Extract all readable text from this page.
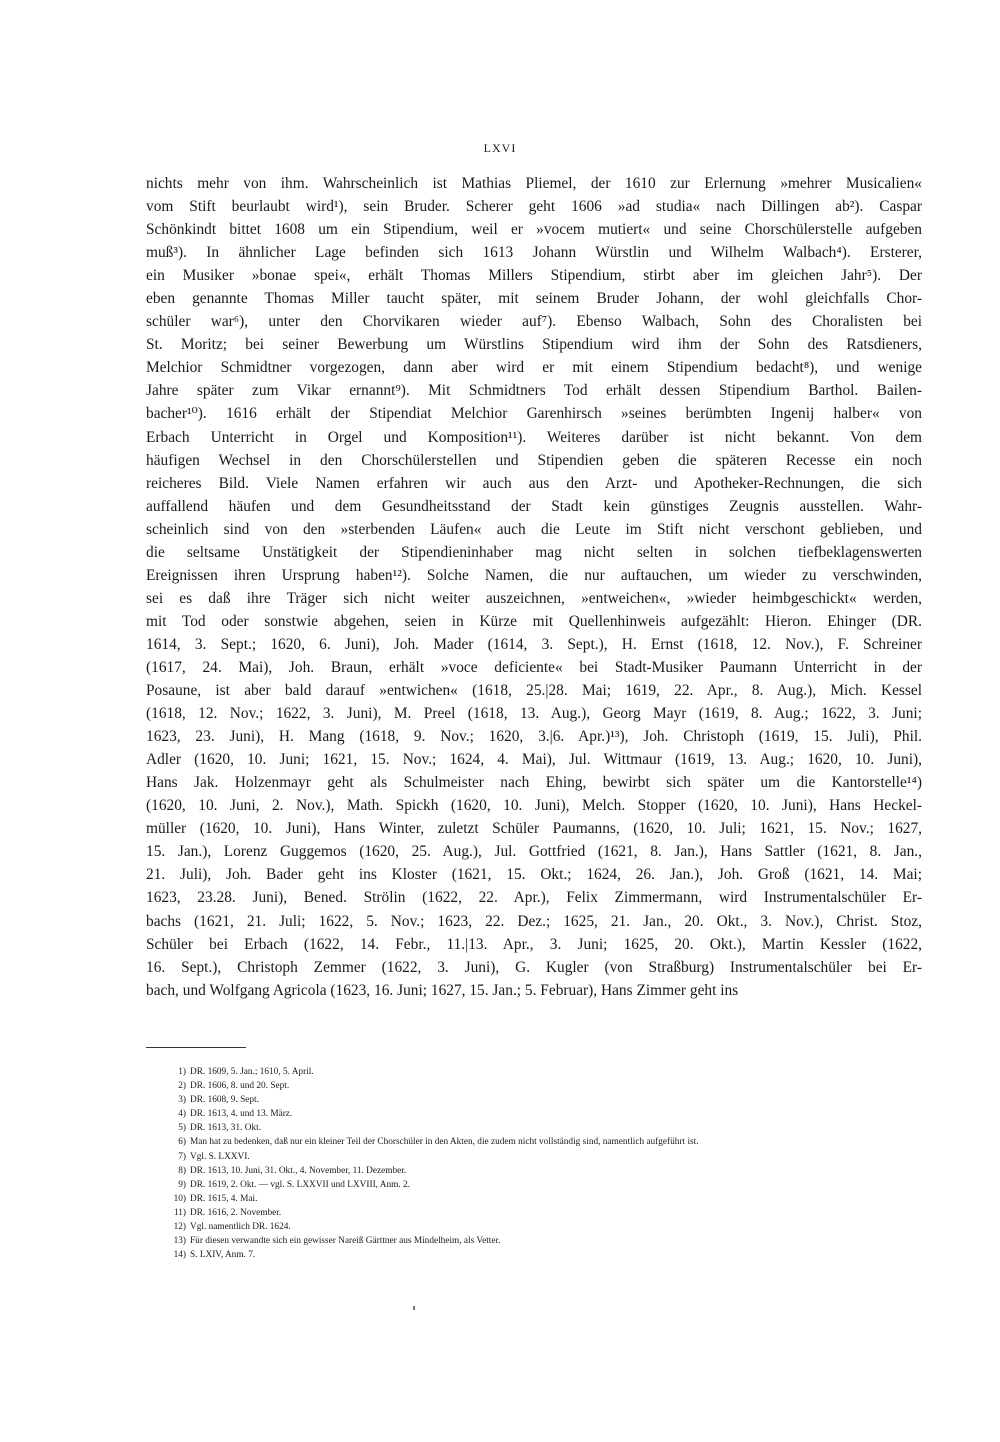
LXVI
nichts mehr von ihm. Wahrscheinlich ist Mathias Pliemel, der 1610 zur Erlernung »mehrer Musicalien«
vom Stift beurlaubt wird¹), sein Bruder. Scherer geht 1606 »ad studia« nach Dillingen ab²). Caspar
Schönkindt bittet 1608 um ein Stipendium, weil er »vocem mutiert« und seine Chorschülerstelle aufgeben
muß³). In ähnlicher Lage befinden sich 1613 Johann Würstlin und Wilhelm Walbach⁴). Ersterer,
ein Musiker »bonae spei«, erhält Thomas Millers Stipendium, stirbt aber im gleichen Jahr⁵). Der
eben genannte Thomas Miller taucht später, mit seinem Bruder Johann, der wohl gleichfalls Chor-
schüler war⁶), unter den Chorvikaren wieder auf⁷). Ebenso Walbach, Sohn des Choralisten bei
St. Moritz; bei seiner Bewerbung um Würstlins Stipendium wird ihm der Sohn des Ratsdieners,
Melchior Schmidtner vorgezogen, dann aber wird er mit einem Stipendium bedacht⁸), und wenige
Jahre später zum Vikar ernannt⁹). Mit Schmidtners Tod erhält dessen Stipendium Barthol. Bailen-
bacher¹⁰). 1616 erhält der Stipendiat Melchior Garenhirsch »seines berümbten Ingenij halber« von
Erbach Unterricht in Orgel und Komposition¹¹). Weiteres darüber ist nicht bekannt. Von dem
häufigen Wechsel in den Chorschülerstellen und Stipendien geben die späteren Recesse ein noch
reicheres Bild. Viele Namen erfahren wir auch aus den Arzt- und Apotheker-Rechnungen, die sich
auffallend häufen und dem Gesundheitsstand der Stadt kein günstiges Zeugnis ausstellen. Wahr-
scheinlich sind von den »sterbenden Läufen« auch die Leute im Stift nicht verschont geblieben, und
die seltsame Unstätigkeit der Stipendieninhaber mag nicht selten in solchen tiefbeklagenswerten
Ereignissen ihren Ursprung haben¹²). Solche Namen, die nur auftauchen, um wieder zu verschwinden,
sei es daß ihre Träger sich nicht weiter auszeichnen, »entweichen«, »wieder heimbgeschickt« werden,
mit Tod oder sonstwie abgehen, seien in Kürze mit Quellenhinweis aufgezählt: Hieron. Ehinger (DR.
1614, 3. Sept.; 1620, 6. Juni), Joh. Mader (1614, 3. Sept.), H. Ernst (1618, 12. Nov.), F. Schreiner
(1617, 24. Mai), Joh. Braun, erhält »voce deficiente« bei Stadt-Musiker Paumann Unterricht in der
Posaune, ist aber bald darauf »entwichen« (1618, 25.|28. Mai; 1619, 22. Apr., 8. Aug.), Mich. Kessel
(1618, 12. Nov.; 1622, 3. Juni), M. Preel (1618, 13. Aug.), Georg Mayr (1619, 8. Aug.; 1622, 3. Juni;
1623, 23. Juni), H. Mang (1618, 9. Nov.; 1620, 3.|6. Apr.)¹³), Joh. Christoph (1619, 15. Juli), Phil.
Adler (1620, 10. Juni; 1621, 15. Nov.; 1624, 4. Mai), Jul. Wittmaur (1619, 13. Aug.; 1620, 10. Juni),
Hans Jak. Holzenmayr geht als Schulmeister nach Ehing, bewirbt sich später um die Kantorstelle¹⁴)
(1620, 10. Juni, 2. Nov.), Math. Spickh (1620, 10. Juni), Melch. Stopper (1620, 10. Juni), Hans Heckel-
müller (1620, 10. Juni), Hans Winter, zuletzt Schüler Paumanns, (1620, 10. Juli; 1621, 15. Nov.; 1627,
15. Jan.), Lorenz Guggemos (1620, 25. Aug.), Jul. Gottfried (1621, 8. Jan.), Hans Sattler (1621, 8. Jan.,
21. Juli), Joh. Bader geht ins Kloster (1621, 15. Okt.; 1624, 26. Jan.), Joh. Groß (1621, 14. Mai;
1623, 23.28. Juni), Bened. Strölin (1622, 22. Apr.), Felix Zimmermann, wird Instrumentalschüler Er-
bachs (1621, 21. Juli; 1622, 5. Nov.; 1623, 22. Dez.; 1625, 21. Jan., 20. Okt., 3. Nov.), Christ. Stoz,
Schüler bei Erbach (1622, 14. Febr., 11.|13. Apr., 3. Juni; 1625, 20. Okt.), Martin Kessler (1622,
16. Sept.), Christoph Zemmer (1622, 3. Juni), G. Kugler (von Straßburg) Instrumentalschüler bei Er-
bach, und Wolfgang Agricola (1623, 16. Juni; 1627, 15. Jan.; 5. Februar), Hans Zimmer geht ins
1) DR. 1609, 5. Jan.; 1610, 5. April.
2) DR. 1606, 8. und 20. Sept.
3) DR. 1608, 9. Sept.
4) DR. 1613, 4. und 13. März.
5) DR. 1613, 31. Okt.
6) Man hat zu bedenken, daß nur ein kleiner Teil der Chorschüler in den Akten, die zudem nicht vollständig sind, namentlich aufgeführt ist.
7) Vgl. S. LXXVI.
8) DR. 1613, 10. Juni, 31. Okt., 4. November, 11. Dezember.
9) DR. 1619, 2. Okt. — vgl. S. LXXVII und LXVIII, Anm. 2.
10) DR. 1615, 4. Mai.
11) DR. 1616, 2. November.
12) Vgl. namentlich DR. 1624.
13) Für diesen verwandte sich ein gewisser Nareiß Gärttner aus Mindelheim, als Vetter.
14) S. LXIV, Anm. 7.
